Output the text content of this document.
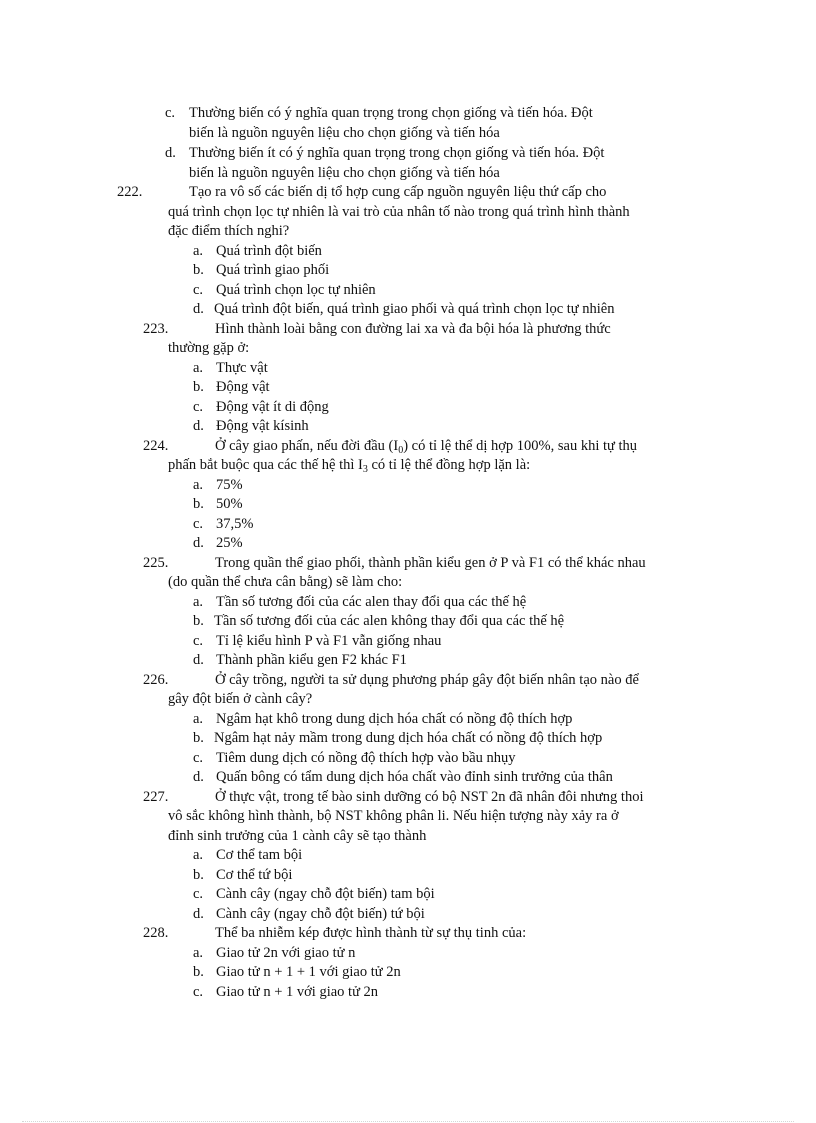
c. Thường biến có ý nghĩa quan trọng trong chọn giống và tiến hóa. Đột
biến là nguồn nguyên liệu cho chọn giống và tiến hóa
d. Thường biến ít có ý nghĩa quan trọng trong chọn giống và tiến hóa. Đột
biến là nguồn nguyên liệu cho chọn giống và tiến hóa
222.	Tạo ra vô số các biến dị tổ hợp cung cấp nguồn nguyên liệu thứ cấp cho
quá trình chọn lọc tự nhiên là vai trò của nhân tố nào trong quá trình hình thành
đặc điểm thích nghi?
a. Quá trình đột biến
b. Quá trình giao phối
c. Quá trình chọn lọc tự nhiên
d. Quá trình đột biến, quá trình giao phối và quá trình chọn lọc tự nhiên
223.	Hình thành loài bằng con đường lai xa và đa bội hóa là phương thức
thường gặp ở:
a. Thực vật
b. Động vật
c. Động vật ít di động
d. Động vật kísinh
224.	Ở cây giao phấn, nếu đời đầu $(I_0)$ có tỉ lệ thể dị hợp 100%, sau khi tự thụ
phấn bắt buộc qua các thế hệ thì $I_3$ có tỉ lệ thể đồng hợp lặn là:
a. 75%
b. 50%
c. 37,5%
d. 25%
225.	Trong quần thể giao phối, thành phần kiểu gen ở P và F1 có thể khác nhau
(do quần thể chưa cân bằng) sẽ làm cho:
a. Tần số tương đối của các alen thay đổi qua các thế hệ
b. Tần số tương đối của các alen không thay đổi qua các thế hệ
c. Tỉ lệ kiểu hình P và F1 vẫn giống nhau
d. Thành phần kiểu gen F2 khác F1
226.	Ở cây trồng, người ta sử dụng phương pháp gây đột biến nhân tạo nào để
gây đột biến ở cành cây?
a. Ngâm hạt khô trong dung dịch hóa chất có nồng độ thích hợp
b. Ngâm hạt nảy mầm trong dung dịch hóa chất có nồng độ thích hợp
c. Tiêm dung dịch có nồng độ thích hợp vào bầu nhụy
d. Quấn bông có tẩm dung dịch hóa chất vào đỉnh sinh trưởng của thân
227.	Ở thực vật, trong tế bào sinh dưỡng có bộ NST 2n đã nhân đôi nhưng thoi
vô sắc không hình thành, bộ NST không phân li. Nếu hiện tượng này xảy ra ở
đỉnh sinh trưởng của 1 cành cây sẽ tạo thành
a. Cơ thể tam bội
b. Cơ thể tứ bội
c. Cành cây (ngay chỗ đột biến) tam bội
d. Cành cây (ngay chỗ đột biến) tứ bội
228.	Thể ba nhiễm kép được hình thành từ sự thụ tinh của:
a. Giao tử 2n với giao tử n
b. Giao tử n + 1 + 1 với giao tử 2n
c. Giao tử n + 1 với giao tử 2n
